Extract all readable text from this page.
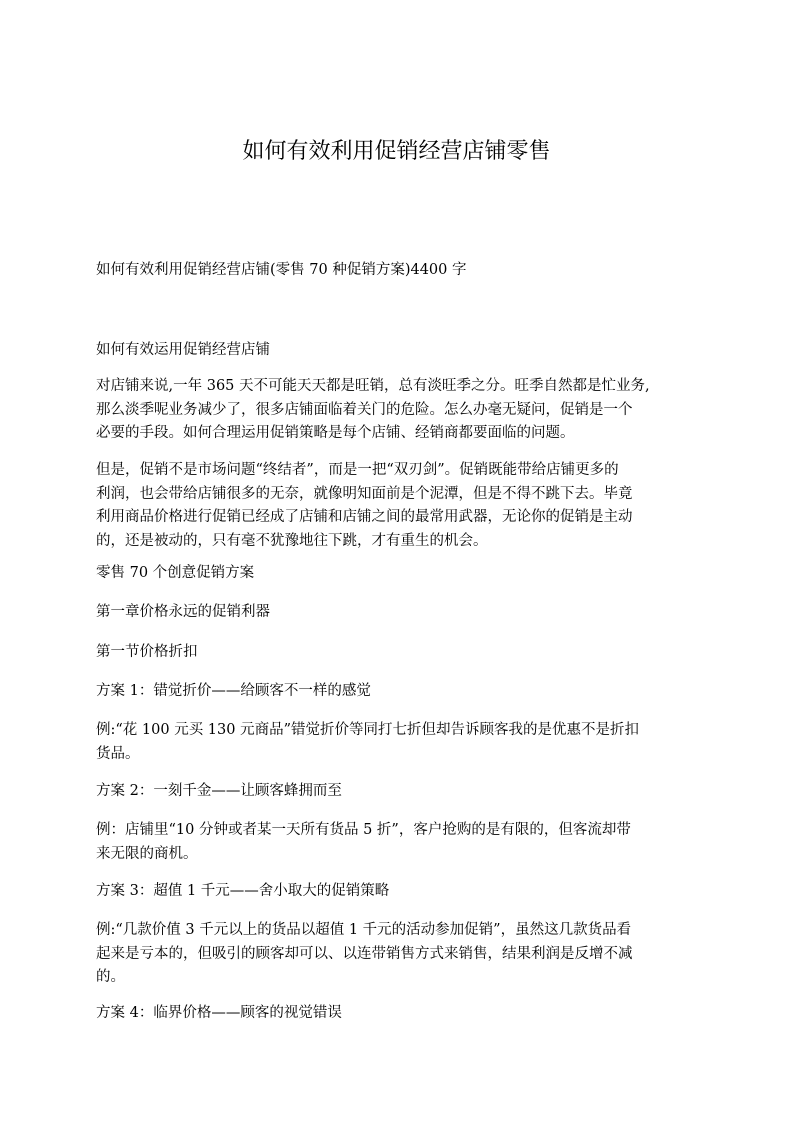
如何有效利用促销经营店铺零售
如何有效利用促销经营店铺(零售 70 种促销方案)4400 字
如何有效运用促销经营店铺
对店铺来说,一年 365 天不可能天天都是旺销，总有淡旺季之分。旺季自然都是忙业务,
那么淡季呢业务减少了，很多店铺面临着关门的危险。怎么办毫无疑问，促销是一个
必要的手段。如何合理运用促销策略是每个店铺、经销商都要面临的问题。
但是，促销不是市场问题“终结者”，而是一把“双刃剑”。促销既能带给店铺更多的
利润，也会带给店铺很多的无奈，就像明知面前是个泥潭，但是不得不跳下去。毕竟
利用商品价格进行促销已经成了店铺和店铺之间的最常用武器，无论你的促销是主动
的，还是被动的，只有毫不犹豫地往下跳，才有重生的机会。
零售 70 个创意促销方案
第一章价格永远的促销利器
第一节价格折扣
方案 1：错觉折价——给顾客不一样的感觉
例:“花 100 元买 130 元商品”错觉折价等同打七折但却告诉顾客我的是优惠不是折扣
货品。
方案 2：一刻千金——让顾客蜂拥而至
例：店铺里“10 分钟或者某一天所有货品 5 折”，客户抢购的是有限的，但客流却带
来无限的商机。
方案 3：超值 1 千元——舍小取大的促销策略
例:“几款价值 3 千元以上的货品以超值 1 千元的活动参加促销”，虽然这几款货品看
起来是亏本的，但吸引的顾客却可以、以连带销售方式来销售，结果利润是反增不减
的。
方案 4：临界价格——顾客的视觉错误
